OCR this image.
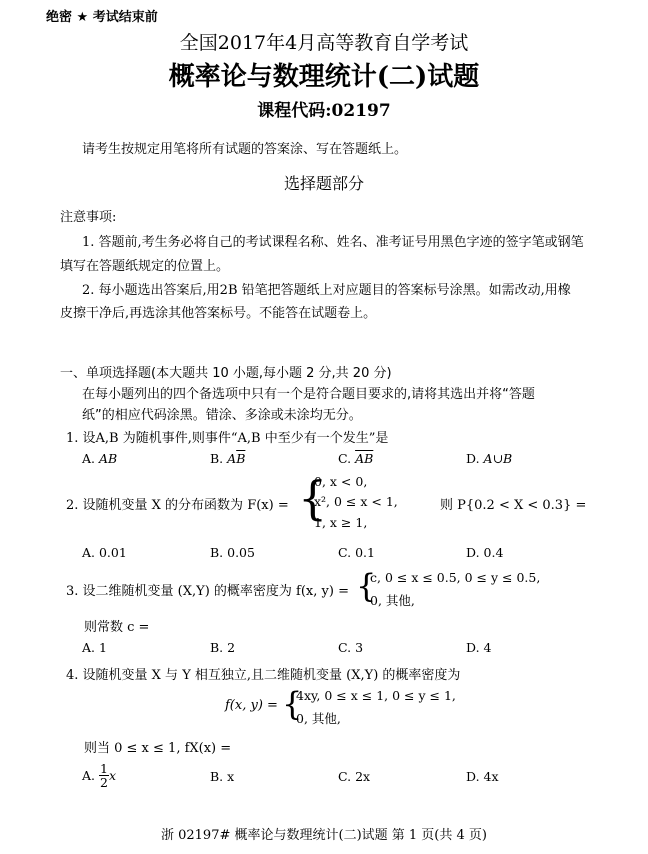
绝密 ★ 考试结束前
全国2017年4月高等教育自学考试
概率论与数理统计(二)试题
课程代码:02197
请考生按规定用笔将所有试题的答案涂、写在答题纸上。
选择题部分
注意事项:
1. 答题前,考生务必将自己的考试课程名称、姓名、准考证号用黑色字迹的签字笔或钢笔
填写在答题纸规定的位置上。
2. 每小题选出答案后,用2B 铅笔把答题纸上对应题目的答案标号涂黑。如需改动,用橡
皮擦干净后,再选涂其他答案标号。不能答在试题卷上。
一、单项选择题(本大题共 10 小题,每小题 2 分,共 20 分)
在每小题列出的四个备选项中只有一个是符合题目要求的,请将其选出并将“答题
纸”的相应代码涂黑。错涂、多涂或未涂均无分。
1. 设A,B 为随机事件,则事件“A,B 中至少有一个发生”是
A. AB	B. $A\overline{B}$	C. $\overline{AB}$	D. A∪B
2. 设随机变量 X 的分布函数为 F(x) = {
0, x < 0,
x², 0 ≤ x < 1,
1, x ≥ 1,
则 P{0.2 < X < 0.3} =
A. 0.01	B. 0.05	C. 0.1	D. 0.4
3. 设二维随机变量 (X,Y) 的概率密度为 f(x, y) = {
c, 0 ≤ x ≤ 0.5, 0 ≤ y ≤ 0.5,
0, 其他,
则常数 c =
A. 1	B. 2	C. 3	D. 4
4. 设随机变量 X 与 Y 相互独立,且二维随机变量 (X,Y) 的概率密度为
f(x, y) = {
4xy, 0 ≤ x ≤ 1, 0 ≤ y ≤ 1,
0, 其他,
则当 0 ≤ x ≤ 1, fX(x) =
A. $\frac{1}{2}$ x	B. x	C. 2x	D. 4x
浙 02197# 概率论与数理统计(二)试题 第 1 页(共 4 页)
